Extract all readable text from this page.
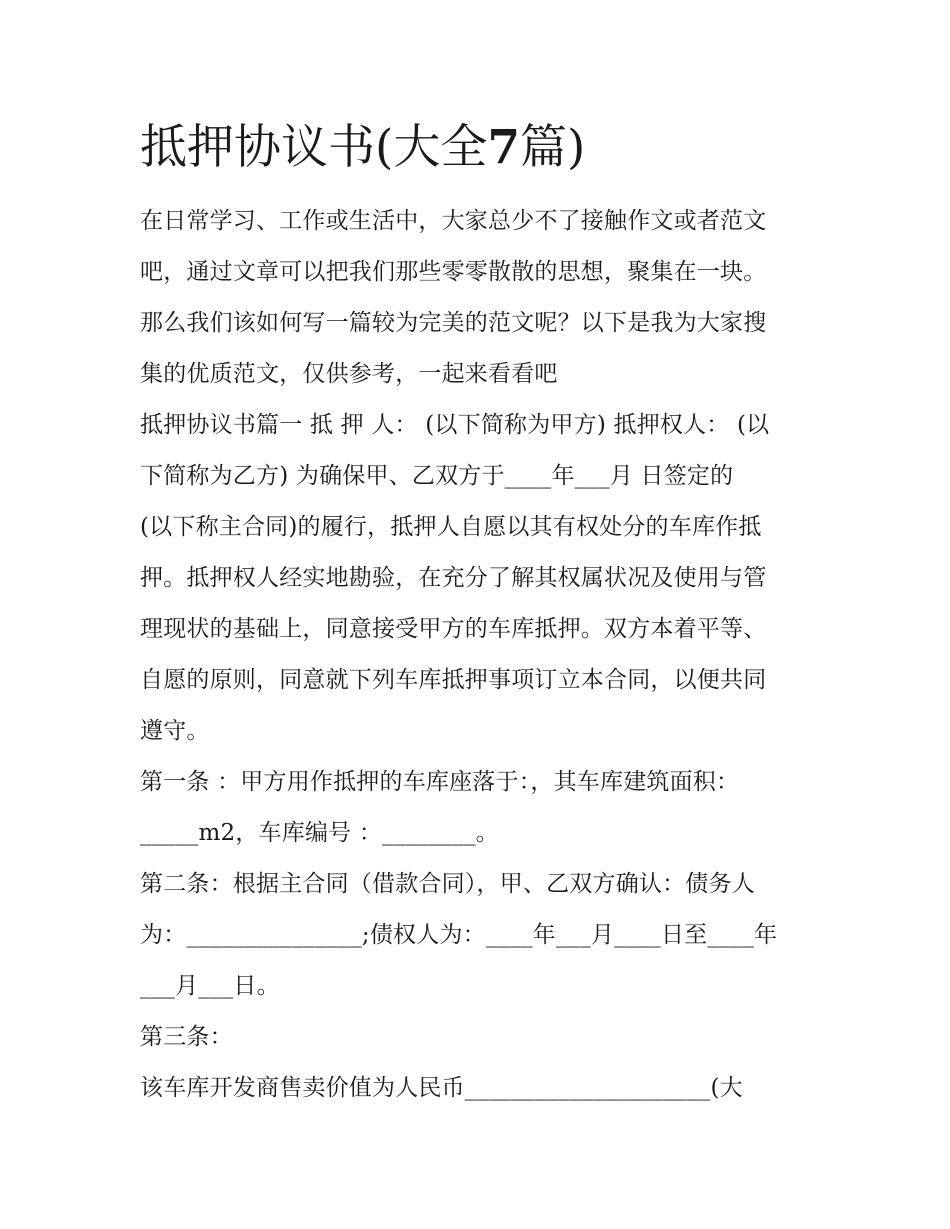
抵押协议书(大全7篇)
在日常学习、工作或生活中，大家总少不了接触作文或者范文
吧，通过文章可以把我们那些零零散散的思想，聚集在一块。
那么我们该如何写一篇较为完美的范文呢？以下是我为大家搜
集的优质范文，仅供参考，一起来看看吧
抵押协议书篇一 抵 押 人： (以下简称为甲方) 抵押权人： (以
下简称为乙方) 为确保甲、乙双方于____年___月 日签定的
(以下称主合同)的履行，抵押人自愿以其有权处分的车库作抵
押。抵押权人经实地勘验，在充分了解其权属状况及使用与管
理现状的基础上，同意接受甲方的车库抵押。双方本着平等、
自愿的原则，同意就下列车库抵押事项订立本合同，以便共同
遵守。
第一条 ：甲方用作抵押的车库座落于：，其车库建筑面积：
_____m2，车库编号 ：________。
第二条：根据主合同（借款合同），甲、乙双方确认：债务人
为：_______________;债权人为：____年___月____日至____年
___月___日。
第三条：
该车库开发商售卖价值为人民币_____________________(大
